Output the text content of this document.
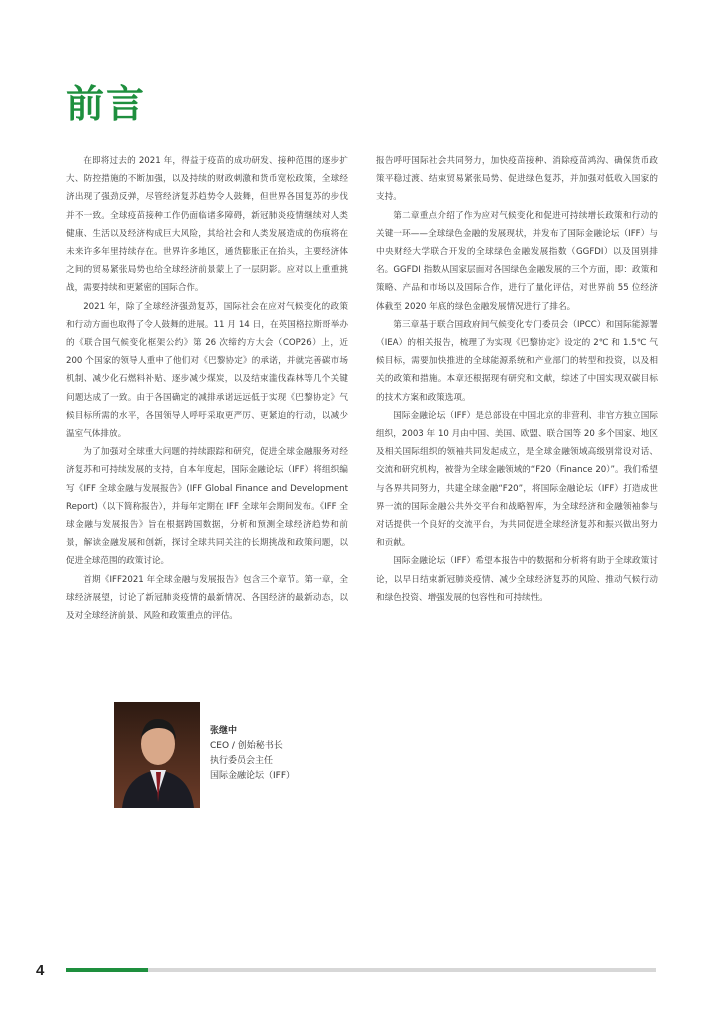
前言

在即将过去的 2021 年，得益于疫苗的成功研发、接种范围的逐步扩大、防控措施的不断加强，以及持续的财政刺激和货币宽松政策，全球经济出现了强劲反弹，尽管经济复苏趋势令人鼓舞，但世界各国复苏的步伐并不一致。全球疫苗接种工作仍面临诸多障碍，新冠肺炎疫情继续对人类健康、生活以及经济构成巨大风险，其给社会和人类发展造成的伤痕将在未来许多年里持续存在。世界许多地区，通货膨胀正在抬头，主要经济体之间的贸易紧张局势也给全球经济前景蒙上了一层阴影。应对以上重重挑战，需要持续和更紧密的国际合作。

2021 年，除了全球经济强劲复苏，国际社会在应对气候变化的政策和行动方面也取得了令人鼓舞的进展。11 月 14 日，在英国格拉斯哥举办的《联合国气候变化框架公约》第 26 次缔约方大会（COP26）上，近 200 个国家的领导人重申了他们对《巴黎协定》的承诺，并就完善碳市场机制、减少化石燃料补贴、逐步减少煤炭，以及结束滥伐森林等几个关键问题达成了一致。由于各国确定的减排承诺远远低于实现《巴黎协定》气候目标所需的水平，各国领导人呼吁采取更严厉、更紧迫的行动，以减少温室气体排放。

为了加强对全球重大问题的持续跟踪和研究，促进全球金融服务对经济复苏和可持续发展的支持，自本年度起，国际金融论坛（IFF）将组织编写《IFF 全球金融与发展报告》(IFF Global Finance and Development Report)（以下简称报告），并每年定期在 IFF 全球年会期间发布。《IFF 全球金融与发展报告》旨在根据跨国数据，分析和预测全球经济趋势和前景，解读金融发展和创新，探讨全球共同关注的长期挑战和政策问题，以促进全球范围的政策讨论。

首期《IFF2021 年全球金融与发展报告》包含三个章节。第一章，全球经济展望，讨论了新冠肺炎疫情的最新情况、各国经济的最新动态，以及对全球经济前景、风险和政策重点的评估。

报告呼吁国际社会共同努力，加快疫苗接种、消除疫苗鸿沟、确保货币政策平稳过渡、结束贸易紧张局势、促进绿色复苏，并加强对低收入国家的支持。

第二章重点介绍了作为应对气候变化和促进可持续增长政策和行动的关键一环——全球绿色金融的发展现状，并发布了国际金融论坛（IFF）与中央财经大学联合开发的全球绿色金融发展指数（GGFDI）以及国别排名。GGFDI 指数从国家层面对各国绿色金融发展的三个方面，即：政策和策略、产品和市场以及国际合作，进行了量化评估，对世界前 55 位经济体截至 2020 年底的绿色金融发展情况进行了排名。

第三章基于联合国政府间气候变化专门委员会（IPCC）和国际能源署（IEA）的相关报告，梳理了为实现《巴黎协定》设定的 2℃ 和 1.5℃ 气候目标，需要加快推进的全球能源系统和产业部门的转型和投资，以及相关的政策和措施。本章还根据现有研究和文献，综述了中国实现双碳目标的技术方案和政策选项。

国际金融论坛（IFF）是总部设在中国北京的非营利、非官方独立国际组织，2003 年 10 月由中国、美国、欧盟、联合国等 20 多个国家、地区及相关国际组织的领袖共同发起成立，是全球金融领域高级别常设对话、交流和研究机构，被誉为全球金融领域的“F20（Finance 20）”。我们希望与各界共同努力，共建全球金融“F20”，将国际金融论坛（IFF）打造成世界一流的国际金融公共外交平台和战略智库，为全球经济和金融领袖参与对话提供一个良好的交流平台，为共同促进全球经济复苏和振兴做出努力和贡献。

国际金融论坛（IFF）希望本报告中的数据和分析将有助于全球政策讨论，以早日结束新冠肺炎疫情、减少全球经济复苏的风险、推动气候行动和绿色投资、增强发展的包容性和可持续性。

张继中
CEO / 创始秘书长
执行委员会主任
国际金融论坛（IFF）
4
